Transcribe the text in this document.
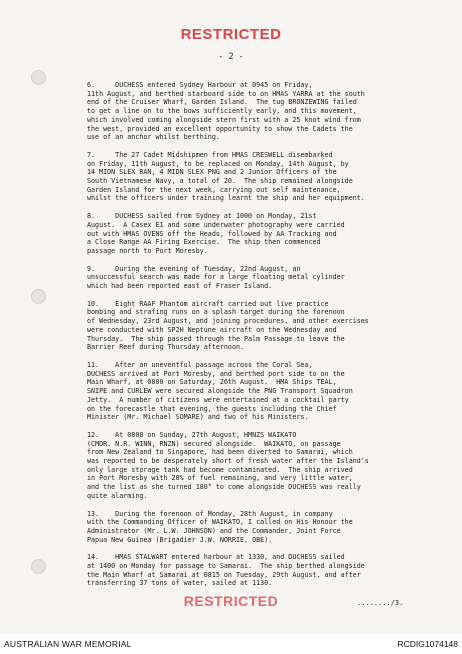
RESTRICTED
- 2 -
6.     DUCHESS entered Sydney Harbour at 0945 on Friday,
11th August, and berthed starboard side to on HMAS YARRA at the south
end of the Cruiser Wharf, Garden Island.  The tug BRONZEWING failed
to get a line on to the bows sufficiently early, and this movement,
which involved coming alongside stern first with a 25 knot wind from
the west, provided an excellent opportunity to show the Cadets the
use of an anchor whilst berthing.
7.     The 27 Cadet Midshipmen from HMAS CRESWELL disembarked
on Friday, 11th August, to be replaced on Monday, 14th August, by
14 MIDN SLEX RAN, 4 MIDN SLEX PNG and 2 Junior Officers of the
South Vietnamese Navy, a total of 20.  The ship remained alongside
Garden Island for the next week, carrying out self maintenance,
whilst the officers under training learnt the ship and her equipment.
8.     DUCHESS sailed from Sydney at 1000 on Monday, 21st
August.  A Casex E1 and some underwater photography were carried
out with HMAS OVENS off the Heads, followed by AA Tracking and
a Close Range AA Firing Exercise.  The ship then commenced
passage north to Port Moresby.
9.     During the evening of Tuesday, 22nd August, an
unsuccessful search was made for a large floating metal cylinder
which had been reported east of Fraser Island.
10.    Eight RAAF Phantom aircraft carried out live practice
bombing and strafing runs on a splash target during the forenoon
of Wednesday, 23rd August, and joining procedures, and other exercises
were conducted with SP2H Neptune aircraft on the Wednesday and
Thursday.  The ship passed through the Palm Passage to leave the
Barrier Reef during Thursday afternoon.
11.    After an uneventful passage across the Coral Sea,
DUCHESS arrived at Port Moresby, and berthed port side to on the
Main Wharf, at 0800 on Saturday, 26th August.  HMA Ships TEAL,
SNIPE and CURLEW were secured alongside the PNG Transport Squadron
Jetty.  A number of citizens were entertained at a cocktail party
on the forecastle that evening, the guests including the Chief
Minister (Mr. Michael SOMARE) and two of his Ministers.
12.    At 0800 on Sunday, 27th August, HMNZS WAIKATO
(CMDR. N.R. WINN, RNZN) secured alongside.  WAIKATO, on passage
from New Zealand to Singapore, had been diverted to Samarai, which
was reported to be desperately short of fresh water after the Island's
only large storage tank had become contaminated.  The ship arrived
in Port Moresby with 20% of fuel remaining, and very little water,
and the list as she turned 180° to come alongside DUCHESS was really
quite alarming.
13.    During the forenoon of Monday, 28th August, in company
with the Commanding Officer of WAIKATO, I called on His Honour the
Administrator (Mr. L.W. JOHNSON) and the Commander, Joint Force
Papua New Guinea (Brigadier J.W. NORRIE, OBE).
14.    HMAS STALWART entered harbour at 1330, and DUCHESS sailed
at 1400 on Monday for passage to Samarai.  The ship berthed alongside
the Main Wharf at Samarai at 0815 on Tuesday, 29th August, and after
transferring 37 tons of water, sailed at 1130.
RESTRICTED	......../3.
AUSTRALIAN WAR MEMORIAL	RCDIG1074148
